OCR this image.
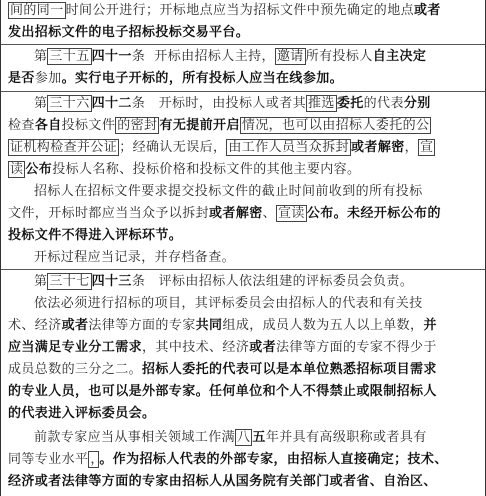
间的同一 时间公开进行；开标地点应当为招标文件中预先确定的地点或者
发出招标文件的电子招标投标交易平台。
第 三十五 四十一条 开标由招标人主持， 邀请 所有投标人自主决定
是否参加。实行电子开标的，所有投标人应当在线参加。
第 三十六 四十二条　开标时，由投标人或者其 推选 委托的代表分别
检查各自投标文件 的密封 有无提前开启 情况，也可以由招标人委托的公
证机构检查并公证 ；经确认无误后， 由工作人员当众拆封 或者解密， 宣
读 公布投标人名称、投标价格和投标文件的其他主要内容。
招标人在招标文件要求提交投标文件的截止时间前收到的所有投标
文件，开标时都应当当众予以拆封或者解密、 宣读 公布。未经开标公布的
投标文件不得进入评标环节。
开标过程应当记录，并存档备查。
第 三十七 四十三条　评标由招标人依法组建的评标委员会负责。
依法必须进行招标的项目，其评标委员会由招标人的代表和有关技
术、经济或者法律等方面的专家共同组成，成员人数为五人以上单数，并
应当满足专业分工需求，其中技术、经济或者法律等方面的专家不得少于
成员总数的三分之二。招标人委托的代表可以是本单位熟悉招标项目需求
的专业人员，也可以是外部专家。任何单位和个人不得禁止或限制招标人
的代表进入评标委员会。
前款专家应当从事相关领域工作满 八 五年并具有高级职称或者具有
同等专业水平 ， 。作为招标人代表的外部专家，由招标人直接确定；技术、
经济或者法律等方面的专家由招标人从国务院有关部门或者省、自治区、
